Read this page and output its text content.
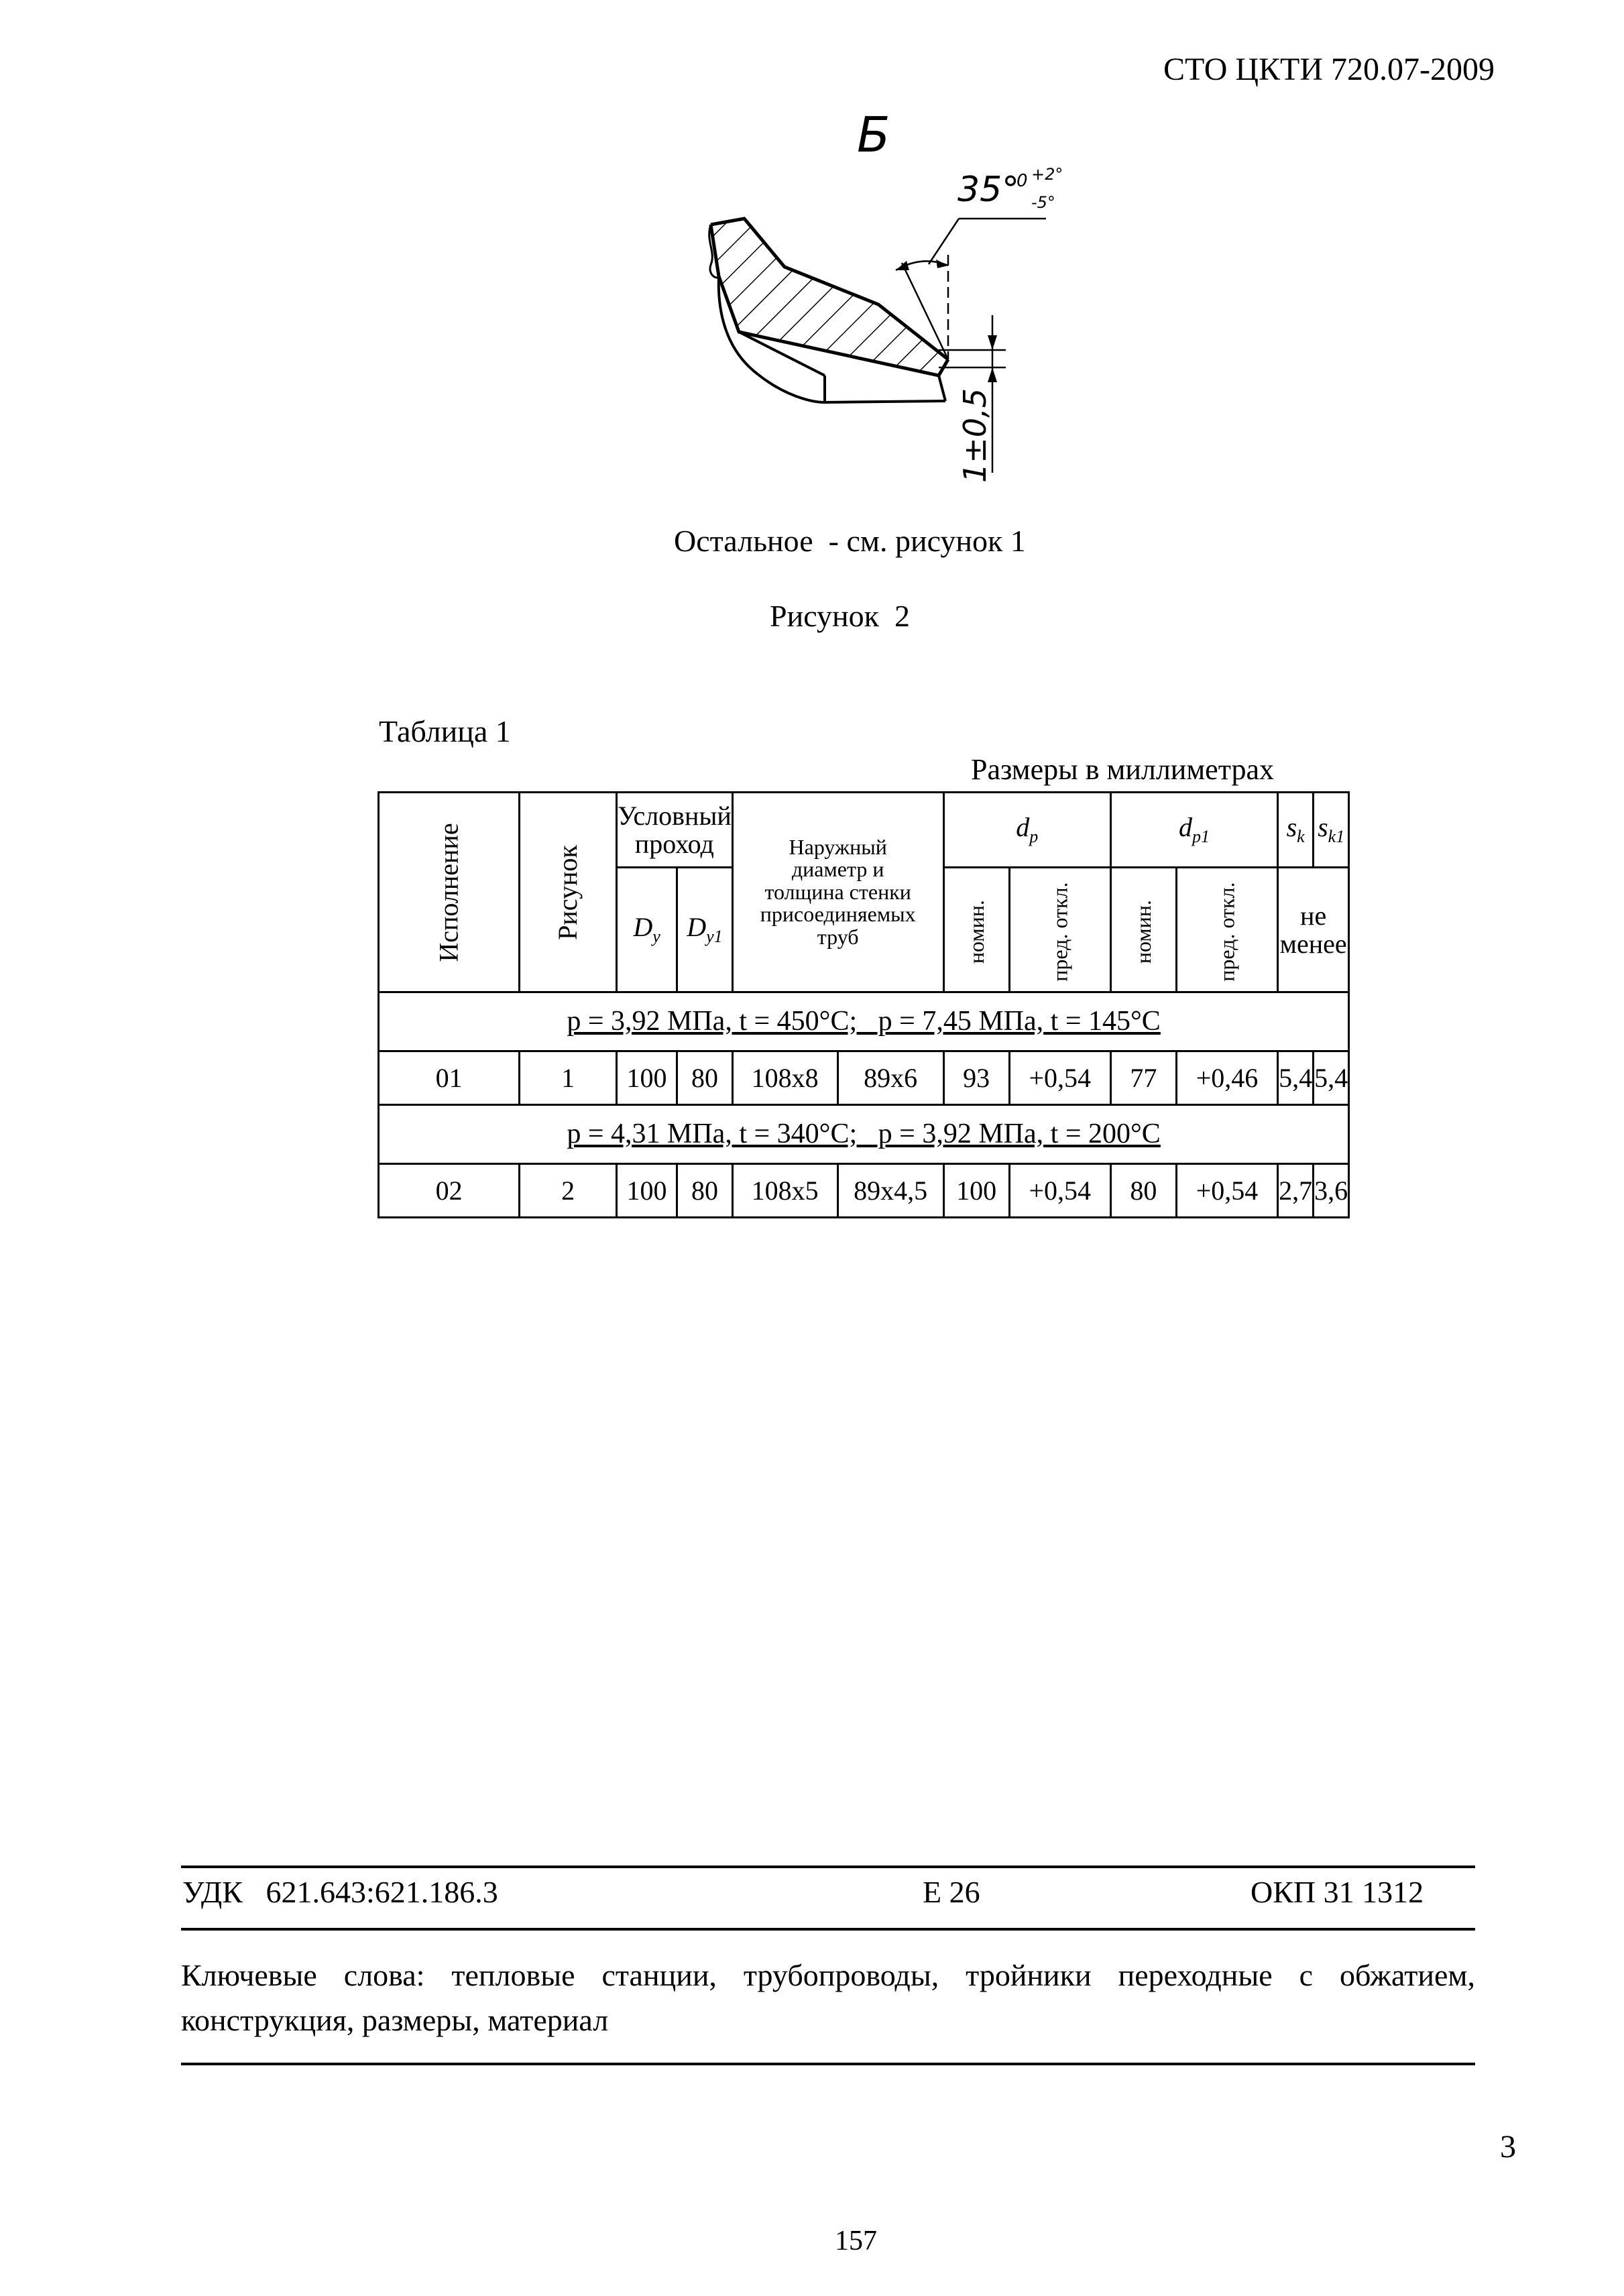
СТО ЦКТИ 720.07-2009
Б
35°
0 +2°
-5°
1±0,5
Остальное  - см. рисунок 1
Рисунок  2
Таблица 1
Размеры в миллиметрах
Исполнение	Рисунок	Условный проход		Наружный диаметр и толщина стенки присоединяемых труб		$d_p$		$d_{p1}$		$s_k$	$s_{k1}$
		$D_y$	$D_{y1}$			номин.	пред. откл.	номин.	пред. откл.	не менее	
p = 3,92 МПа, t = 450°С;   p = 7,45 МПа, t = 145°С											
01	1	100	80	108х8	89х6	93	+0,54	77	+0,46	5,4	5,4
p = 4,31 МПа, t = 340°С;   p = 3,92 МПа, t = 200°С											
02	2	100	80	108х5	89х4,5	100	+0,54	80	+0,54	2,7	3,6
УДК   621.643:621.186.3	Е 26	ОКП 31 1312
Ключевые слова: тепловые станции, трубопроводы, тройники переходные с обжатием, конструкция, размеры, материал
3
157
